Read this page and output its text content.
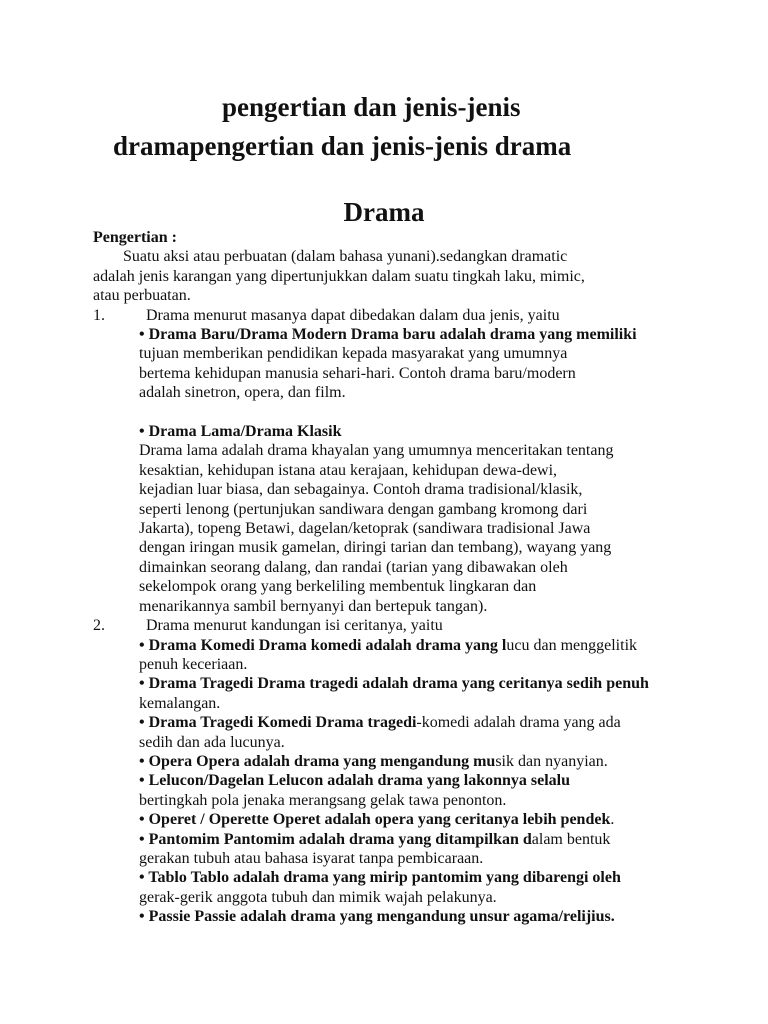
pengertian dan jenis-jenis
dramapengertian dan jenis-jenis drama
Drama
Pengertian :
Suatu aksi atau perbuatan (dalam bahasa yunani).sedangkan dramatic
adalah jenis karangan yang dipertunjukkan dalam suatu tingkah laku, mimic,
atau perbuatan.
1.	Drama menurut masanya dapat dibedakan dalam dua jenis, yaitu
• Drama Baru/Drama Modern Drama baru adalah drama yang memiliki
tujuan memberikan pendidikan kepada masyarakat yang umumnya
bertema kehidupan manusia sehari-hari. Contoh drama baru/modern
adalah sinetron, opera, dan film.
• Drama Lama/Drama Klasik
Drama lama adalah drama khayalan yang umumnya menceritakan tentang
kesaktian, kehidupan istana atau kerajaan, kehidupan dewa-dewi,
kejadian luar biasa, dan sebagainya. Contoh drama tradisional/klasik,
seperti lenong (pertunjukan sandiwara dengan gambang kromong dari
Jakarta), topeng Betawi, dagelan/ketoprak (sandiwara tradisional Jawa
dengan iringan musik gamelan, diringi tarian dan tembang), wayang yang
dimainkan seorang dalang, dan randai (tarian yang dibawakan oleh
sekelompok orang yang berkeliling membentuk lingkaran dan
menarikannya sambil bernyanyi dan bertepuk tangan).
2.	Drama menurut kandungan isi ceritanya, yaitu
• Drama Komedi Drama komedi adalah drama yang lucu dan menggelitik
penuh keceriaan.
• Drama Tragedi Drama tragedi adalah drama yang ceritanya sedih penuh
kemalangan.
• Drama Tragedi Komedi Drama tragedi-komedi adalah drama yang ada
sedih dan ada lucunya.
• Opera Opera adalah drama yang mengandung musik dan nyanyian.
• Lelucon/Dagelan Lelucon adalah drama yang lakonnya selalu
bertingkah pola jenaka merangsang gelak tawa penonton.
• Operet / Operette Operet adalah opera yang ceritanya lebih pendek.
• Pantomim Pantomim adalah drama yang ditampilkan dalam bentuk
gerakan tubuh atau bahasa isyarat tanpa pembicaraan.
• Tablo Tablo adalah drama yang mirip pantomim yang dibarengi oleh
gerak-gerik anggota tubuh dan mimik wajah pelakunya.
• Passie Passie adalah drama yang mengandung unsur agama/relijius.
